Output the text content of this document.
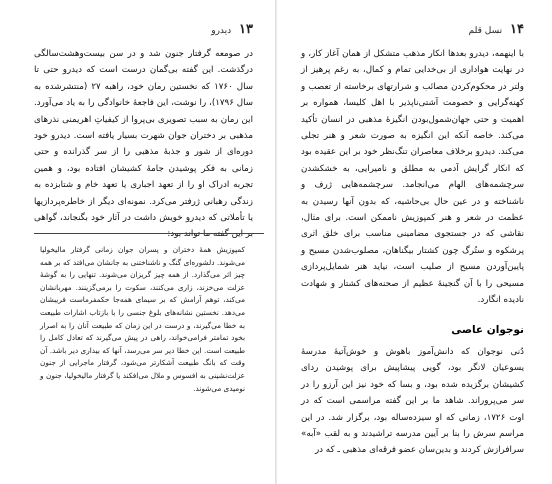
۱۳ دیدرو

در صومعه گرفتار جنون شد و در سن بیست‌وهشت‌سالگی درگذشت. این گفته بی‌گمان درست است که دیدرو حتی تا سال ۱۷۶۰ که نخستین رمان خود، راهبه ۲۷ (منتشرشده به سال ۱۷۹۶)، را نوشت، این فاجعهٔ خانوادگی را به یاد می‌آورد. این رمان به سبب تصویری بی‌پروا از کیفیاتِ اهریمنی نذرهای مذهبی بر دختران جوان شهرت بسیار یافته است. دیدرو خود دوره‌ای از شور و جذبهٔ مذهبی را از سر گذرانده و حتی زمانی به فکر پوشیدن جامهٔ کشیشان افتاده بود، و همین تجربه ادراک او را از تعهد اجباری یا تعهد خام و شتابزده به زندگی رهبانی ژرفتر می‌کرد. نمونه‌ای دیگر از خاطره‌پردازیها یا تأملاتی که دیدرو خویش داشت در آثار خود بگنجاند، گواهی بر این گفته ما تواند بود:

کمپوزیش همهٔ دختران و پسران جوان زمانی گرفتار مالیخولیا می‌شوند. دلشوره‌ای گنگ و ناشناختنی به جانشان می‌افتد که بر همه چیز اثر می‌گذارد. از همه چیز گریزان می‌شوند. تنهایی را به گوشهٔ عزلت می‌خزند، زاری می‌کنند، سکوت را برمی‌گزینند. مهربانشان می‌کند، توهم آرامش که بر سیمای همه‌جا حکمفرماست فریبشان می‌دهد. نخستین نشانه‌های بلوغ جنسی را با بازتاب اشارات طبیعت به خطا می‌گیرند، و درست در این زمان که طبیعت آنان را به اصرار بخود تمامتر فرامی‌خواند، راهی در پیش می‌گیرند که تعادل کامل را طبیعت است. این خطا دیر سر می‌رسد، آنها که بیداری دیر باشد. آن وقت که بانگ طبیعت آشکارتر می‌شود، گرفتار ماجرایی از جنون عزلت‌نشینی به افسوس و ملال می‌افکند یا گرفتار مالیخولیا، جنون و نومیدی می‌شوند.

۱۴ نسل قلم

با اینهمه، دیدرو بعدها انکار مذهب متشکل از همان آغاز کار، و در نهایت هواداری از بی‌خدایی تمام و کمال، به رغم پرهیز از ولتر در محکوم‌کردن مصائب و شرارتهای برخاسته از تعصب و کهنه‌گرایی و خصومت آشتی‌ناپذیر با اهل کلیسا، همواره بر اهمیت و حتی جهان‌شمول‌بودن انگیزهٔ مذهبی در انسان تأکید می‌کند. خاصه آنکه این انگیزه به صورت شعر و هنر تجلی می‌کند. دیدرو برخلاف معاصران تنگ‌نظر خود بر این عقیده بود که انکار گرایش آدمی به مطلق و نامیرایی، به خشکشدن سرچشمه‌های الهام می‌انجامد. سرچشمه‌هایی ژرف و ناشناخته و در عین حال بی‌حاشیه، که بدون آنها رسیدن به عظمت در شعر و هنر کمپوزیش ناممکن است. برای مثال، نقاشی که در جستجوی مضامینی مناسب برای خلق اثری پرشکوه و ستُرگ چون کشتار بیگناهان، مصلوب‌شدن مسیح و پایین‌آوردن مسیح از صلیب است، نیاید هنر شمایل‌پردازی مسیحی را با آن گنجینهٔ عظیم از صحنه‌های کشتار و شهادت نادیده انگارد.

نوجوان عاصی

دُنی نوجوان که دانش‌آموز باهوش و خوش‌آتیهٔ مدرسهٔ یسوعیان لانگر بود، گویی پیشاپیش برای پوشیدن ردای کشیشان برگزیده شده بود، و بسا که خود نیز این آرزو را در سر می‌پروراند. شاهد ما بر این گفته مراسمی است که در اوت ۱۷۲۶، زمانی که او سیزده‌ساله بود، برگزار شد. در این مراسم سرش را بنا بر آیین مدرسه تراشیدند و به لقب «آبه» سرافرازش کردند و بدین‌سان عضو فرقه‌ای مذهبی ـ که در
